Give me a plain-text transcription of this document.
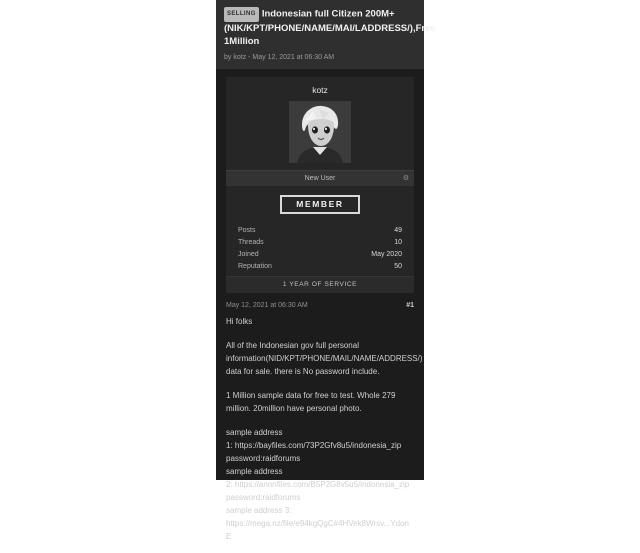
SELLING Indonesian full Citizen 200M+ (NIK/KPT/PHONE/NAME/MAI/LADDRESS/),Free 1Million
by kotz - May 12, 2021 at 06:30 AM
kotz
New User	⚙
MEMBER
Posts	49
Threads	10
Joined	May 2020
Reputation	50
1 YEAR OF SERVICE
May 12, 2021 at 06:30 AM	#1

Hi folks

All of the Indonesian gov full personal information(NID/KPT/PHONE/MAIL/NAME/ADDRESS/) data for sale. there is No password include.

1 Million sample data for free to test. Whole 279 million. 20million have personal photo.

sample address
1: https://bayfiles.com/73P2Gfv8u5/indonesia_zip
password:raidforums

sample address
2: https://anonfiles.com/B5P2G8v5u5/indonesia_zip
password:raidforums

sample address 3:
https://mega.nz/file/e94kgQgC#4HVek8Wrsv...YdonE
